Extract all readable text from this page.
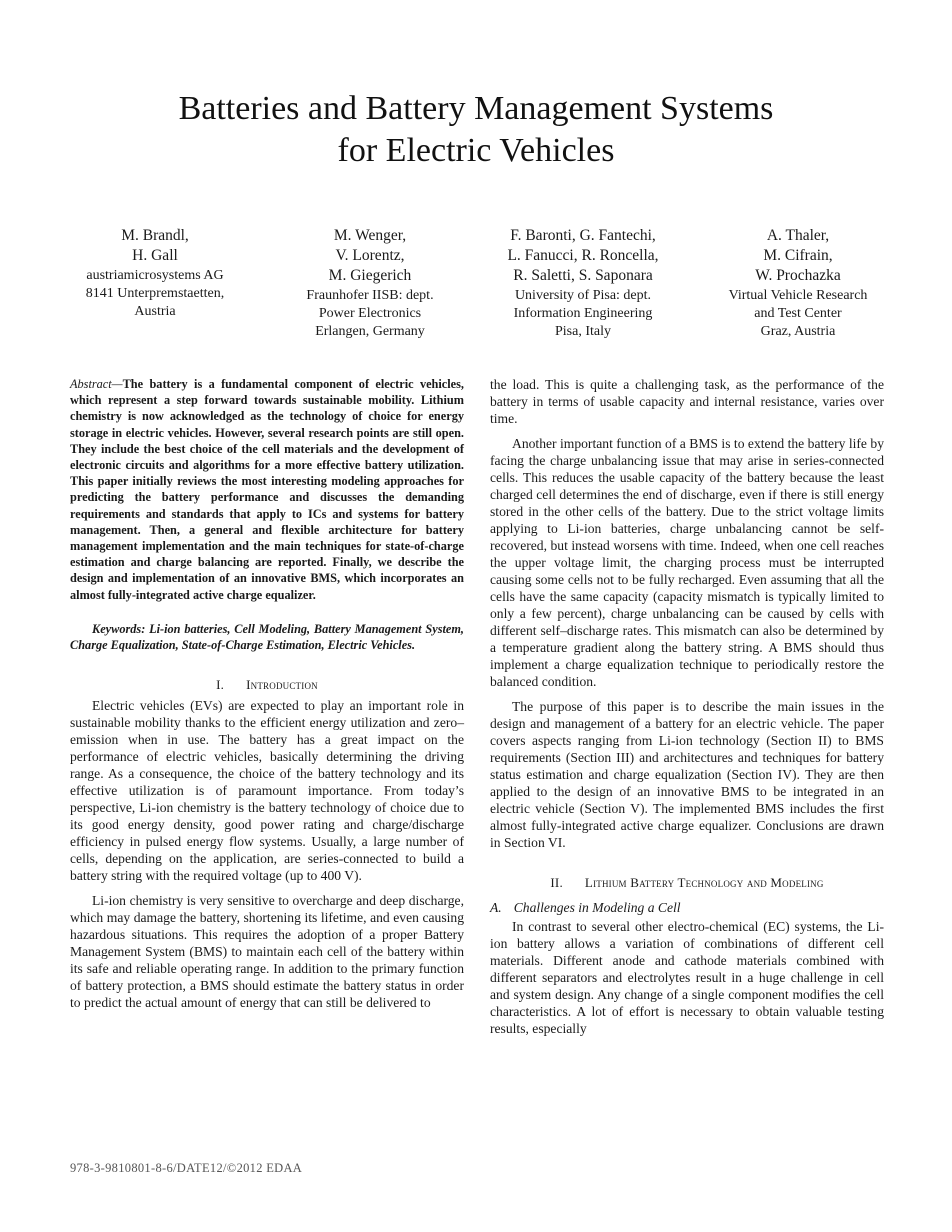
Batteries and Battery Management Systems
for Electric Vehicles
M. Brandl,
H. Gall
austriamicrosystems AG
8141 Unterpremstaetten,
Austria
M. Wenger,
V. Lorentz,
M. Giegerich
Fraunhofer IISB: dept.
Power Electronics
Erlangen, Germany
F. Baronti, G. Fantechi,
L. Fanucci, R. Roncella,
R. Saletti, S. Saponara
University of Pisa: dept.
Information Engineering
Pisa, Italy
A. Thaler,
M. Cifrain,
W. Prochazka
Virtual Vehicle Research
and Test Center
Graz, Austria

Abstract—The battery is a fundamental component of electric vehicles, which represent a step forward towards sustainable mobility. Lithium chemistry is now acknowledged as the technology of choice for energy storage in electric vehicles. However, several research points are still open. They include the best choice of the cell materials and the development of electronic circuits and algorithms for a more effective battery utilization. This paper initially reviews the most interesting modeling approaches for predicting the battery performance and discusses the demanding requirements and standards that apply to ICs and systems for battery management. Then, a general and flexible architecture for battery management implementation and the main techniques for state-of-charge estimation and charge balancing are reported. Finally, we describe the design and implementation of an innovative BMS, which incorporates an almost fully-integrated active charge equalizer.

Keywords: Li-ion batteries, Cell Modeling, Battery Management System, Charge Equalization, State-of-Charge Estimation, Electric Vehicles.

I. Introduction

Electric vehicles (EVs) are expected to play an important role in sustainable mobility thanks to the efficient energy utilization and zero–emission when in use. The battery has a great impact on the performance of electric vehicles, basically determining the driving range. As a consequence, the choice of the battery technology and its effective utilization is of paramount importance. From today’s perspective, Li-ion chemistry is the battery technology of choice due to its good energy density, good power rating and charge/discharge efficiency in pulsed energy flow systems. Usually, a large number of cells, depending on the application, are series-connected to build a battery string with the required voltage (up to 400 V).

Li-ion chemistry is very sensitive to overcharge and deep discharge, which may damage the battery, shortening its lifetime, and even causing hazardous situations. This requires the adoption of a proper Battery Management System (BMS) to maintain each cell of the battery within its safe and reliable operating range. In addition to the primary function of battery protection, a BMS should estimate the battery status in order to predict the actual amount of energy that can still be delivered to

the load. This is quite a challenging task, as the performance of the battery in terms of usable capacity and internal resistance, varies over time.

Another important function of a BMS is to extend the battery life by facing the charge unbalancing issue that may arise in series-connected cells. This reduces the usable capacity of the battery because the least charged cell determines the end of discharge, even if there is still energy stored in the other cells of the battery. Due to the strict voltage limits applying to Li-ion batteries, charge unbalancing cannot be self-recovered, but instead worsens with time. Indeed, when one cell reaches the upper voltage limit, the charging process must be interrupted causing some cells not to be fully recharged. Even assuming that all the cells have the same capacity (capacity mismatch is typically limited to only a few percent), charge unbalancing can be caused by cells with different self–discharge rates. This mismatch can also be determined by a temperature gradient along the battery string. A BMS should thus implement a charge equalization technique to periodically restore the balanced condition.

The purpose of this paper is to describe the main issues in the design and management of a battery for an electric vehicle. The paper covers aspects ranging from Li-ion technology (Section II) to BMS requirements (Section III) and architectures and techniques for battery status estimation and charge equalization (Section IV). They are then applied to the design of an innovative BMS to be integrated in an electric vehicle (Section V). The implemented BMS includes the first almost fully-integrated active charge equalizer. Conclusions are drawn in Section VI.

II. Lithium Battery Technology and Modeling
A. Challenges in Modeling a Cell

In contrast to several other electro-chemical (EC) systems, the Li-ion battery allows a variation of combinations of different cell materials. Different anode and cathode materials combined with different separators and electrolytes result in a huge challenge in cell and system design. Any change of a single component modifies the cell characteristics. A lot of effort is necessary to obtain valuable testing results, especially

978-3-9810801-8-6/DATE12/©2012 EDAA
